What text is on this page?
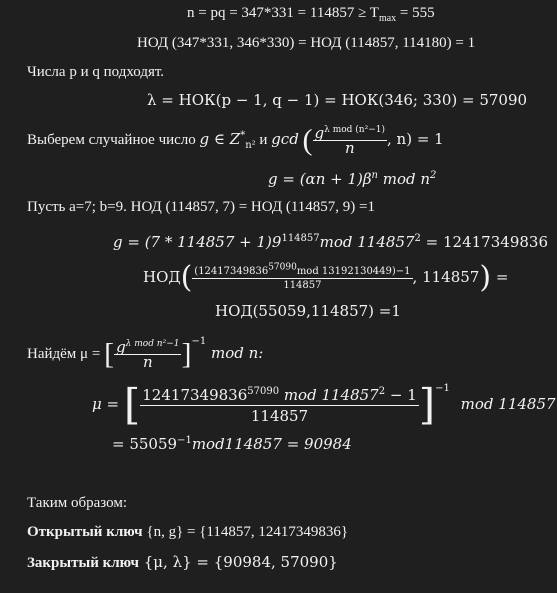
n = pq = $347*331 = 114857 \ge T_{max} = 555$
НОД (347*331, 346*330) = НОД (114857, 114180) = 1
Числа p и q подходят.
λ = НОК(p − 1, q − 1) = НОК(346; 330) = 57090
Выберем случайное число g ∈ $Z^*_{n^2}$ и gcd ( $\frac{g^{\lambda mod (n^2-1)}}{n}$ , n) = 1
$g = (\alpha n + 1)\beta^n$ mod $n^2$
Пусть a=7; b=9. НОД (114857, 7) = НОД (114857, 9) =1
$g = (7 * 114857 + 1)9^{114857}mod$ $114857^2 = 12417349836$
$НОД( \frac{(12417349836^{57090}mod 13192130449)-1}{114857}$ , 114857) =
НОД(55059,114857) =1
Найдём μ = [ $\frac{g^{\lambda mod n^2-1}}{n} ]^{-1}$ mod n:
μ = [ $\frac{12417349836^{57090} mod 114857^2 - 1}{114857} ]^{-1}$ mod 114857
= $55059^{-1}mod114857 = 90984$
Таким образом:
Открытый ключ {n, g} = {114857, 12417349836}
Закрытый ключ {μ, λ} = {90984, 57090}
